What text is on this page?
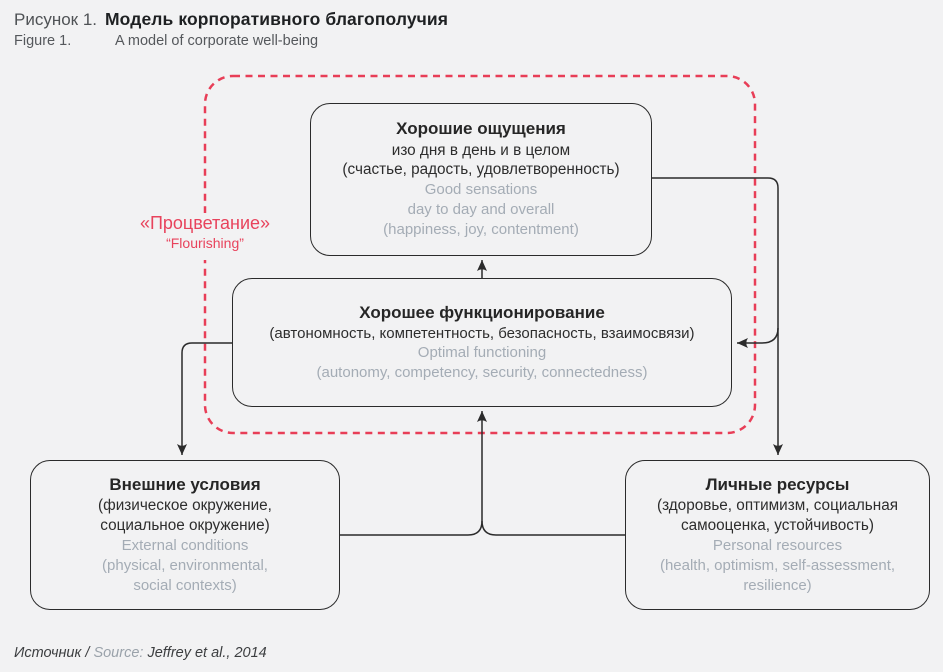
Рисунок 1. Модель корпоративного благополучия
Figure 1.	A model of corporate well-being
«Процветание»
“Flourishing”
Хорошие ощущения
изо дня в день и в целом
(счастье, радость, удовлетворенность)
Good sensations
day to day and overall
(happiness, joy, contentment)
Хорошее функционирование
(автономность, компетентность, безопасность, взаимосвязи)
Optimal functioning
(autonomy, competency, security, connectedness)
Внешние условия
(физическое окружение,
социальное окружение)
External conditions
(physical, environmental,
social contexts)
Личные ресурсы
(здоровье, оптимизм, социальная
самооценка, устойчивость)
Personal resources
(health, optimism, self-assessment,
resilience)
Источник / Source: Jeffrey et al., 2014
